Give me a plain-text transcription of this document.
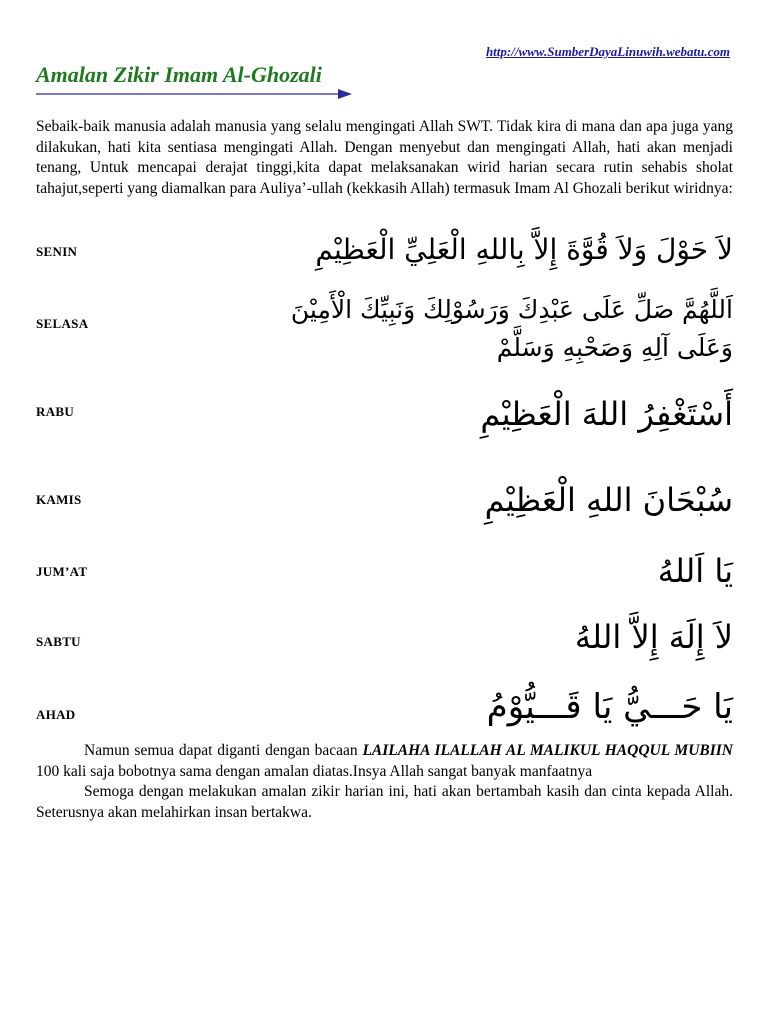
http://www.SumberDayaLinuwih.webatu.com
Amalan Zikir Imam Al-Ghozali
Sebaik-baik manusia adalah manusia yang selalu mengingati Allah SWT. Tidak kira di mana dan apa juga yang dilakukan, hati kita sentiasa mengingati Allah. Dengan menyebut dan mengingati Allah, hati akan menjadi tenang, Untuk mencapai derajat tinggi,kita dapat melaksanakan wirid harian secara rutin sehabis sholat tahajut,seperti yang diamalkan para Auliya’-ullah (kekkasih Allah) termasuk Imam Al Ghozali berikut wiridnya:
SENIN	لاَ حَوْلَ وَلاَ قُوَّةَ إِلاَّ بِاللهِ الْعَلِيِّ الْعَظِيْمِ
SELASA	اَللَّهُمَّ صَلِّ عَلَى عَبْدِكَ وَرَسُوْلِكَ وَنَبِيِّكَ الْأَمِيْنَ
وَعَلَى آلِهِ وَصَحْبِهِ وَسَلَّمْ
RABU	أَسْتَغْفِرُ اللهَ الْعَظِيْمِ
KAMIS	سُبْحَانَ اللهِ الْعَظِيْمِ
JUM’AT	يَا اَللهُ
SABTU	لاَ إِلَهَ إِلاَّ اللهُ
AHAD	يَا حَـــيُّ يَا قَـــيُّوْمُ

Namun semua dapat diganti dengan bacaan LAILAHA ILALLAH AL MALIKUL HAQQUL MUBIIN 100 kali saja bobotnya sama dengan amalan diatas.Insya Allah sangat banyak manfaatnya

Semoga dengan melakukan amalan zikir harian ini, hati akan bertambah kasih dan cinta kepada Allah. Seterusnya akan melahirkan insan bertakwa.
